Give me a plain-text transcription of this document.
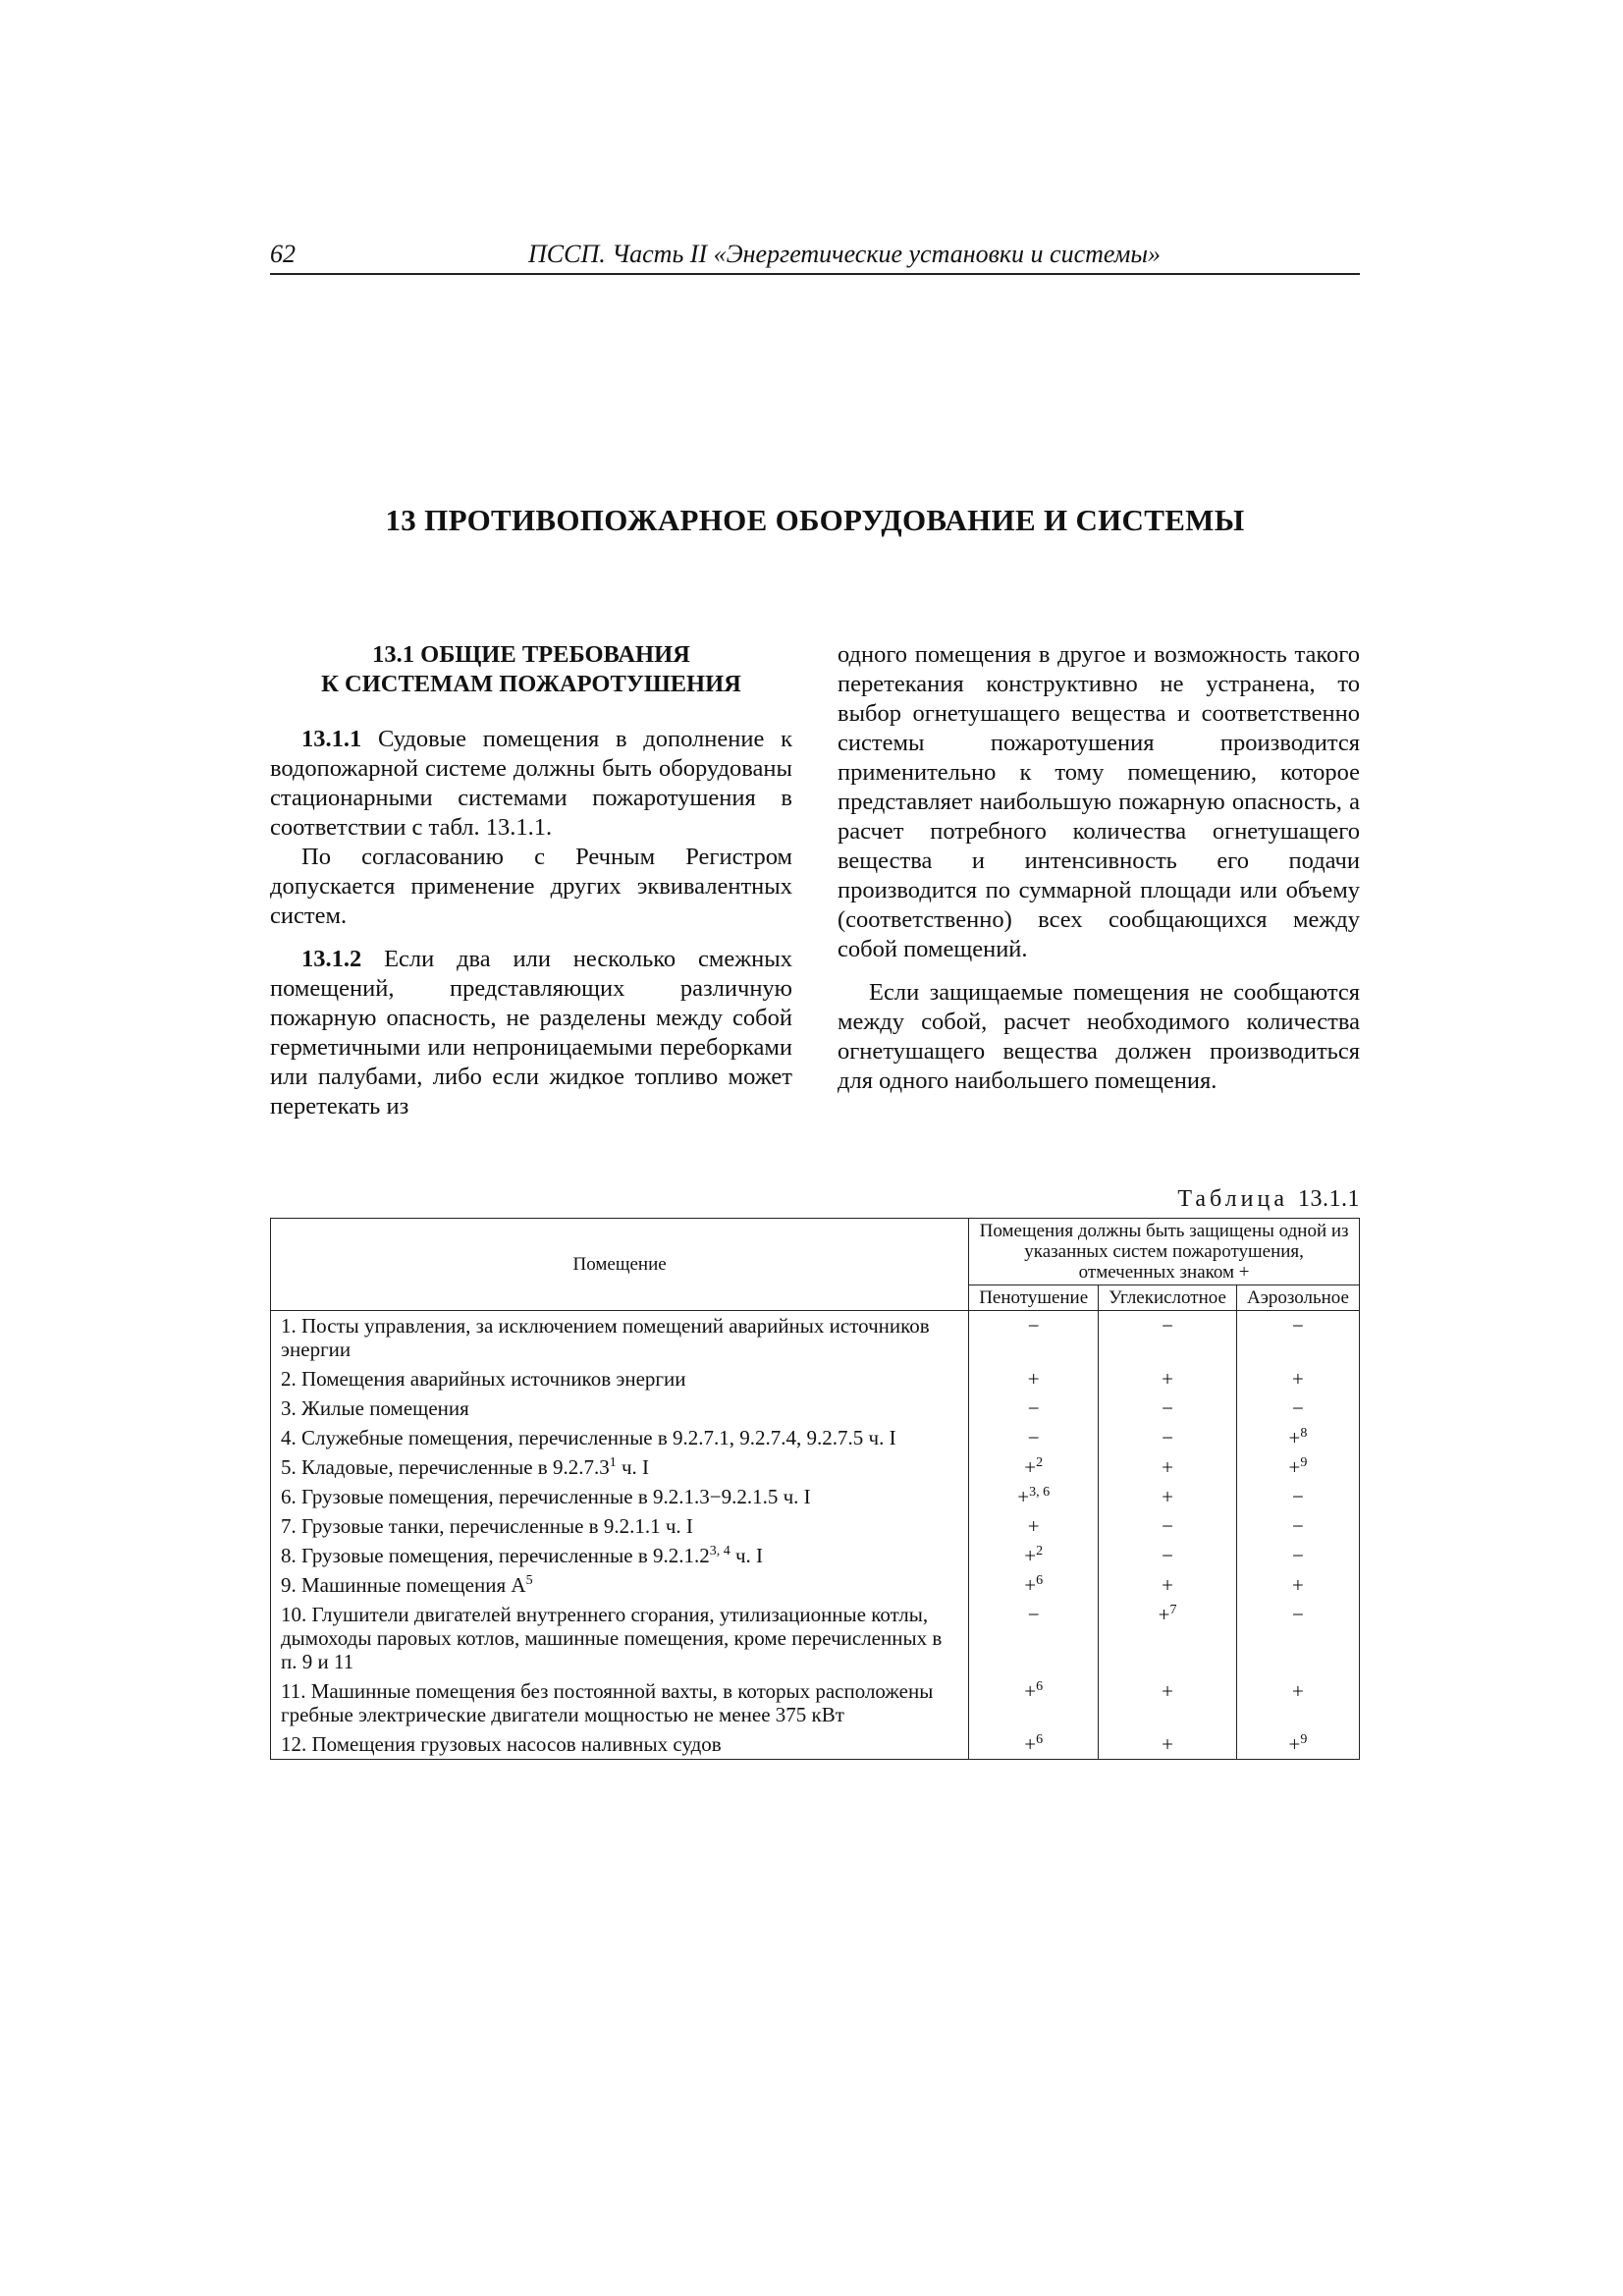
62	ПССП. Часть II «Энергетические установки и системы»
13 ПРОТИВОПОЖАРНОЕ ОБОРУДОВАНИЕ И СИСТЕМЫ
13.1 ОБЩИЕ ТРЕБОВАНИЯ
К СИСТЕМАМ ПОЖАРОТУШЕНИЯ

13.1.1 Судовые помещения в дополнение к водопожарной системе должны быть оборудованы стационарными системами пожаротушения в соответствии с табл. 13.1.1.

По согласованию с Речным Регистром допускается применение других эквивалентных систем.

13.1.2 Если два или несколько смежных помещений, представляющих различную пожарную опасность, не разделены между собой герметичными или непроницаемыми переборками или палубами, либо если жидкое топливо может перетекать из

одного помещения в другое и возможность такого перетекания конструктивно не устранена, то выбор огнетушащего вещества и соответственно системы пожаротушения производится применительно к тому помещению, которое представляет наибольшую пожарную опасность, а расчет потребного количества огнетушащего вещества и интенсивность его подачи производится по суммарной площади или объему (соответственно) всех сообщающихся между собой помещений.

Если защищаемые помещения не сообщаются между собой, расчет необходимого количества огнетушащего вещества должен производиться для одного наибольшего помещения.

Таблица 13.1.1
Помещение	Помещения должны быть защищены одной из указанных систем пожаротушения, отмеченных знаком +		
	Пенотушение	Углекислотное	Аэрозольное
1. Посты управления, за исключением помещений аварийных источников энергии	−	−	−
2. Помещения аварийных источников энергии	+	+	+
3. Жилые помещения	−	−	−
4. Служебные помещения, перечисленные в 9.2.7.1, 9.2.7.4, 9.2.7.5 ч. I	−	−	+$^8$
5. Кладовые, перечисленные в 9.2.7.3$^1$ ч. I	+$^2$	+	+$^9$
6. Грузовые помещения, перечисленные в 9.2.1.3−9.2.1.5 ч. I	+$^{3, 6}$	+	−
7. Грузовые танки, перечисленные в 9.2.1.1 ч. I	+	−	−
8. Грузовые помещения, перечисленные в 9.2.1.2$^{3, 4}$ ч. I	+$^2$	−	−
9. Машинные помещения $А^5$	+$^6$	+	+
10. Глушители двигателей внутреннего сгорания, утилизационные котлы, дымоходы паровых котлов, машинные помещения, кроме перечисленных в п. 9 и 11	−	+$^7$	−
11. Машинные помещения без постоянной вахты, в которых расположены гребные электрические двигатели мощностью не менее 375 кВт	+$^6$	+	+
12. Помещения грузовых насосов наливных судов	+$^6$	+	+$^9$
